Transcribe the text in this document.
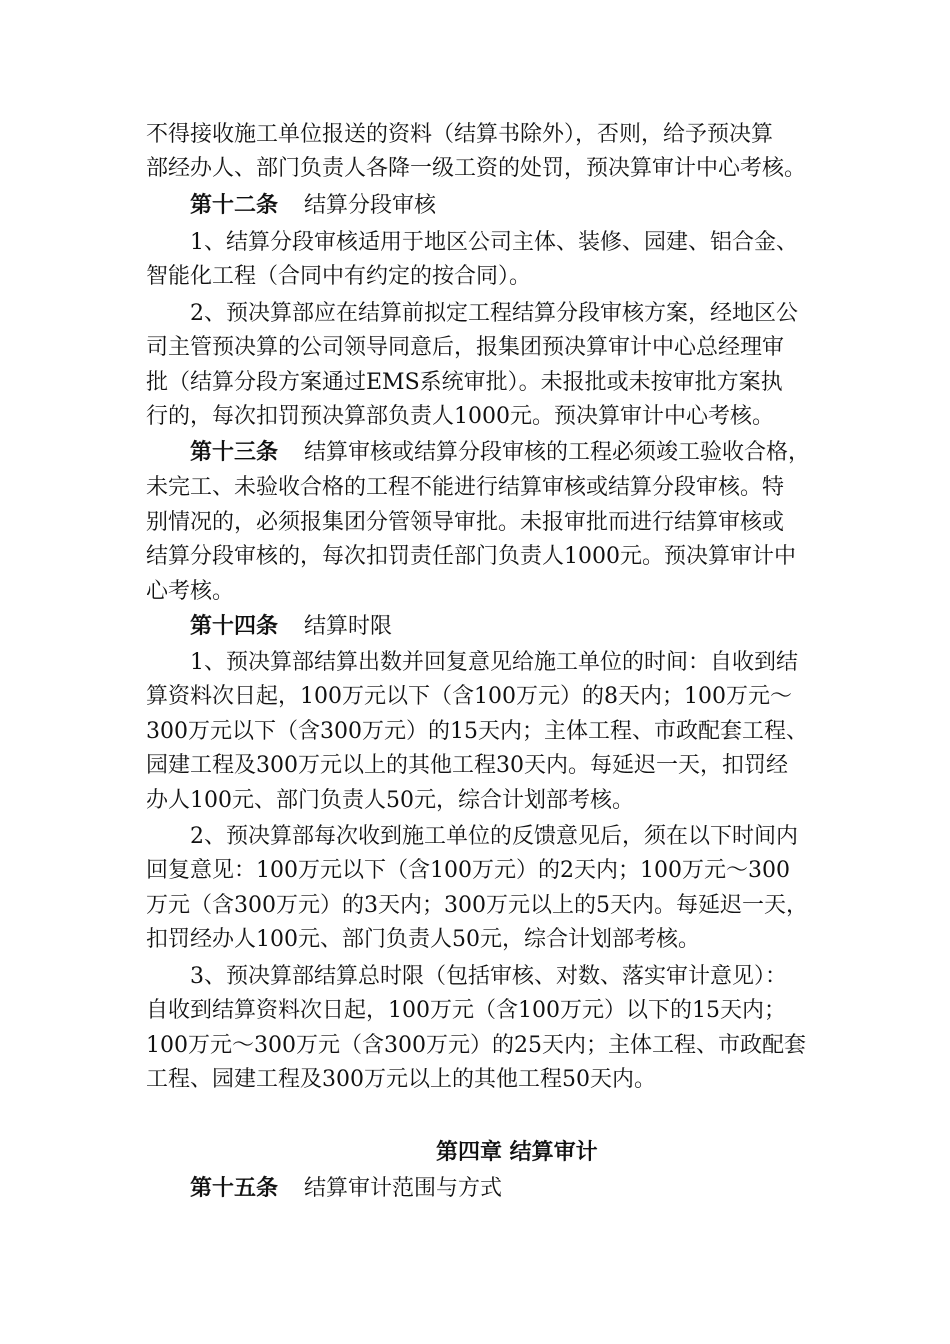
不得接收施工单位报送的资料（结算书除外），否则，给予预决算
部经办人、部门负责人各降一级工资的处罚，预决算审计中心考核。
第十二条 结算分段审核
1、结算分段审核适用于地区公司主体、装修、园建、铝合金、
智能化工程（合同中有约定的按合同）。
2、预决算部应在结算前拟定工程结算分段审核方案，经地区公
司主管预决算的公司领导同意后，报集团预决算审计中心总经理审
批（结算分段方案通过EMS系统审批）。未报批或未按审批方案执
行的，每次扣罚预决算部负责人1000元。预决算审计中心考核。
第十三条 结算审核或结算分段审核的工程必须竣工验收合格，
未完工、未验收合格的工程不能进行结算审核或结算分段审核。特
别情况的，必须报集团分管领导审批。未报审批而进行结算审核或
结算分段审核的，每次扣罚责任部门负责人1000元。预决算审计中
心考核。
第十四条 结算时限
1、预决算部结算出数并回复意见给施工单位的时间：自收到结
算资料次日起，100万元以下（含100万元）的8天内；100万元～
300万元以下（含300万元）的15天内；主体工程、市政配套工程、
园建工程及300万元以上的其他工程30天内。每延迟一天，扣罚经
办人100元、部门负责人50元，综合计划部考核。
2、预决算部每次收到施工单位的反馈意见后，须在以下时间内
回复意见：100万元以下（含100万元）的2天内；100万元～300
万元（含300万元）的3天内；300万元以上的5天内。每延迟一天，
扣罚经办人100元、部门负责人50元，综合计划部考核。
3、预决算部结算总时限（包括审核、对数、落实审计意见）：
自收到结算资料次日起，100万元（含100万元）以下的15天内；
100万元～300万元（含300万元）的25天内；主体工程、市政配套
工程、园建工程及300万元以上的其他工程50天内。
第四章 结算审计
第十五条 结算审计范围与方式
